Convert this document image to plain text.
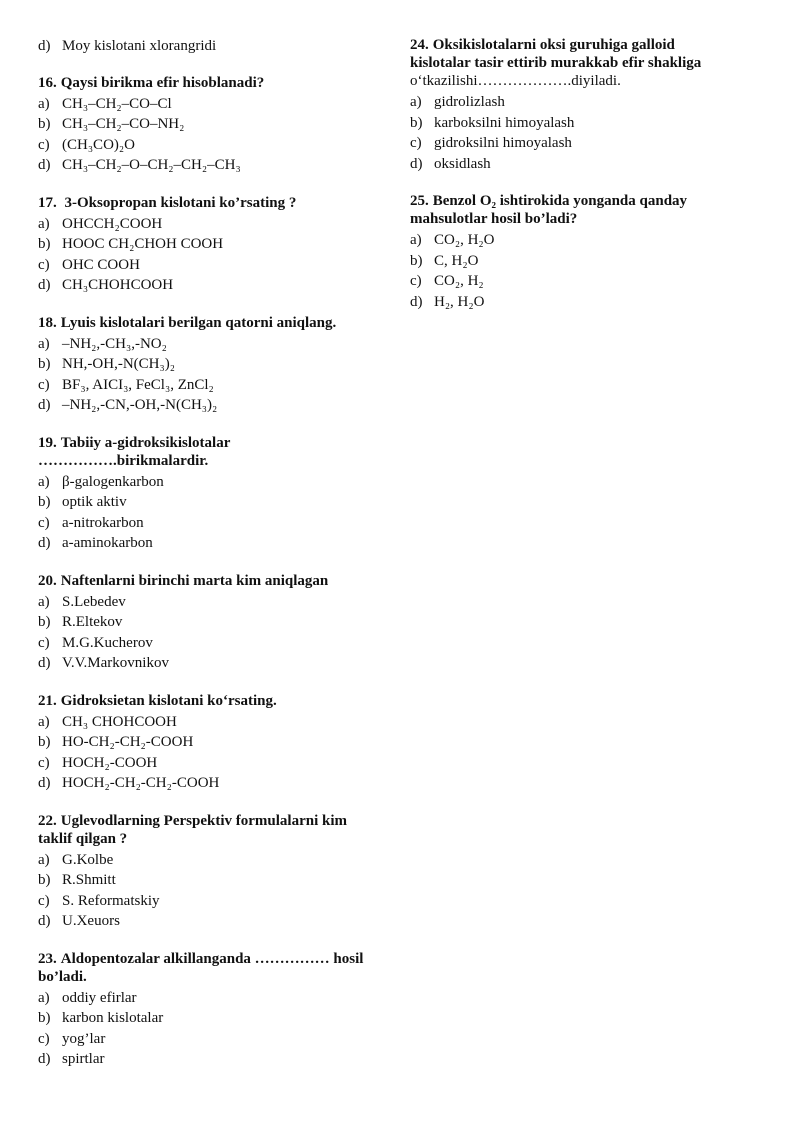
d) Moy kislotani xlorangridi
16. Qaysi birikma efir hisoblanadi?
a) CH₃–CH₂–CO–Cl
b) CH₃–CH₂–CO–NH₂
c) (CH₃CO)₂O
d) CH₃–CH₂–O–CH₂–CH₂–CH₃
17. 3-Oksopropan kislotani ko’rsating ?
a) OHCCH₂COOH
b) HOOC CH₂CHOH COOH
c) OHC COOH
d) CH₃CHOHCOOH
18. Lyuis kislotalari berilgan qatorni aniqlang.
a) –NH₂,-CH₃,-NO₂
b) NH,-OH,-N(CH₃)₂
c) BF₃, AICI₃, FeCl₃, ZnCl₂
d) –NH₂,-CN,-OH,-N(CH₃)₂
19. Tabiiy a-gidroksikislotalar
…………….birikmalardir.
a) β-galogenkarbon
b) optik aktiv
c) a-nitrokarbon
d) a-aminokarbon
20. Naftenlarni birinchi marta kim aniqlagan
a) S.Lebedev
b) R.Eltekov
c) M.G.Kucherov
d) V.V.Markovnikov
21. Gidroksietan kislotani ko‘rsating.
a) CH₃ CHOHCOOH
b) HO-CH₂-CH₂-COOH
c) HOCH₂-COOH
d) HOCH₂-CH₂-CH₂-COOH
22. Uglevodlarning Perspektiv formulalarni kim
taklif qilgan ?
a) G.Kolbe
b) R.Shmitt
c) S. Reformatskiy
d) U.Xeuors
23. Aldopentozalar alkillanganda …………… hosil
bo’ladi.
a) oddiy efirlar
b) karbon kislotalar
c) yog’lar
d) spirtlar
24. Oksikislotalarni oksi guruhiga galloid
kislotalar tasir ettirib murakkab efir shakliga
o‘tkazilishi……………….diyiladi.
a) gidrolizlash
b) karboksilni himoyalash
c) gidroksilni himoyalash
d) oksidlash
25. Benzol O₂ ishtirokida yonganda qanday
mahsulotlar hosil bo’ladi?
a) CO₂, H₂O
b) C, H₂O
c) CO₂, H₂
d) H₂, H₂O
